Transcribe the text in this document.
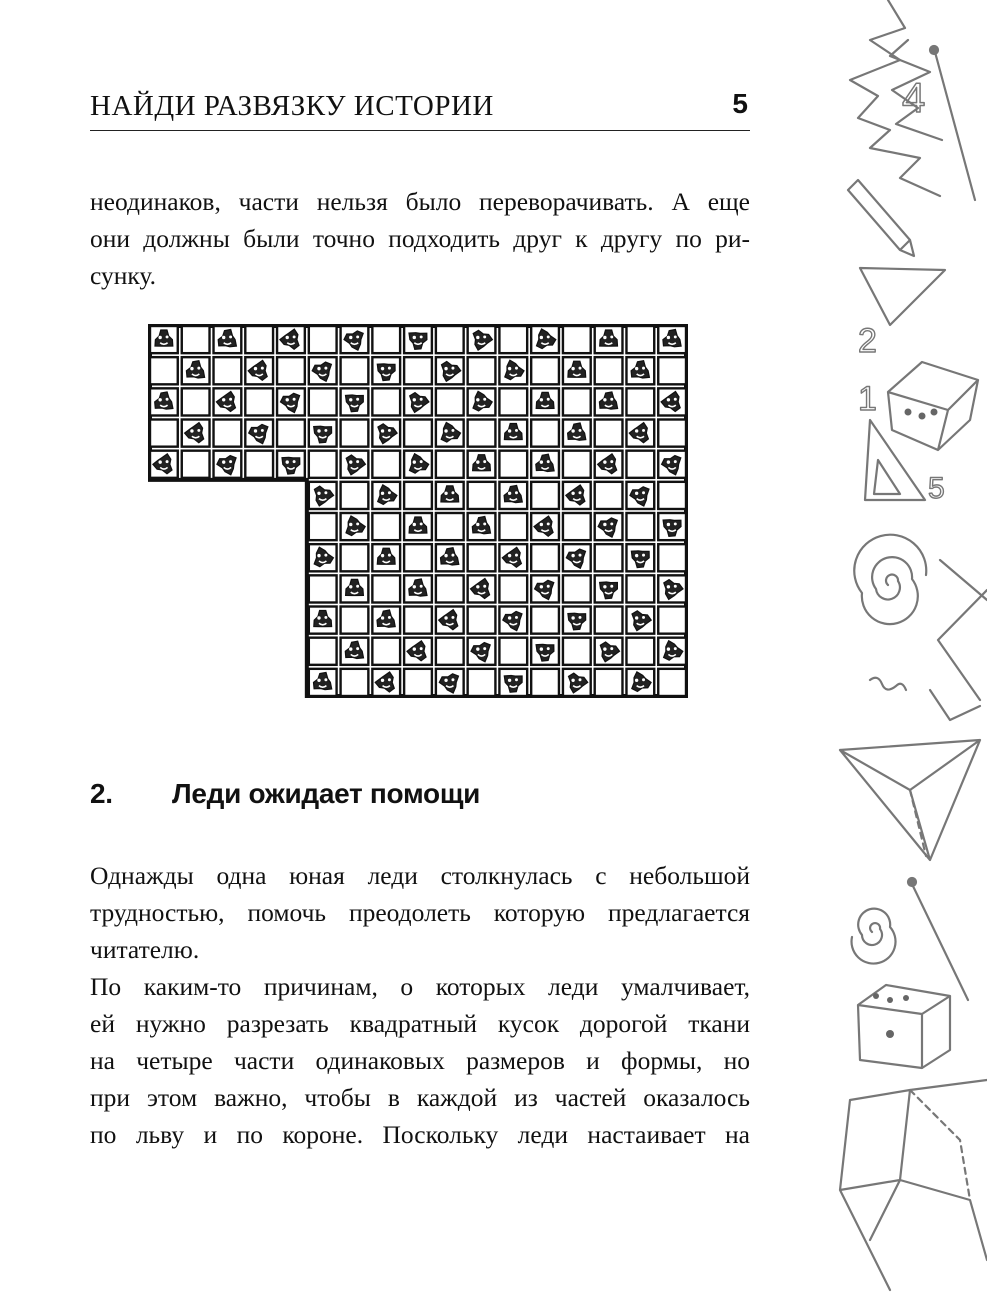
НАЙДИ РАЗВЯЗКУ ИСТОРИИ	5

неодинаков, части нельзя было переворачивать. А еще
они должны были точно подходить друг к другу по ри-
сунку.

2. Леди ожидает помощи

Однажды одна юная леди столкнулась с небольшой
трудностью, помочь преодолеть которую предлагается
читателю.

По каким-то причинам, о которых леди умалчивает,
ей нужно разрезать квадратный кусок дорогой ткани
на четыре части одинаковых размеров и формы, но
при этом важно, чтобы в каждой из частей оказалось
по льву и по короне. Поскольку леди настаивает на

4
2
1
5
